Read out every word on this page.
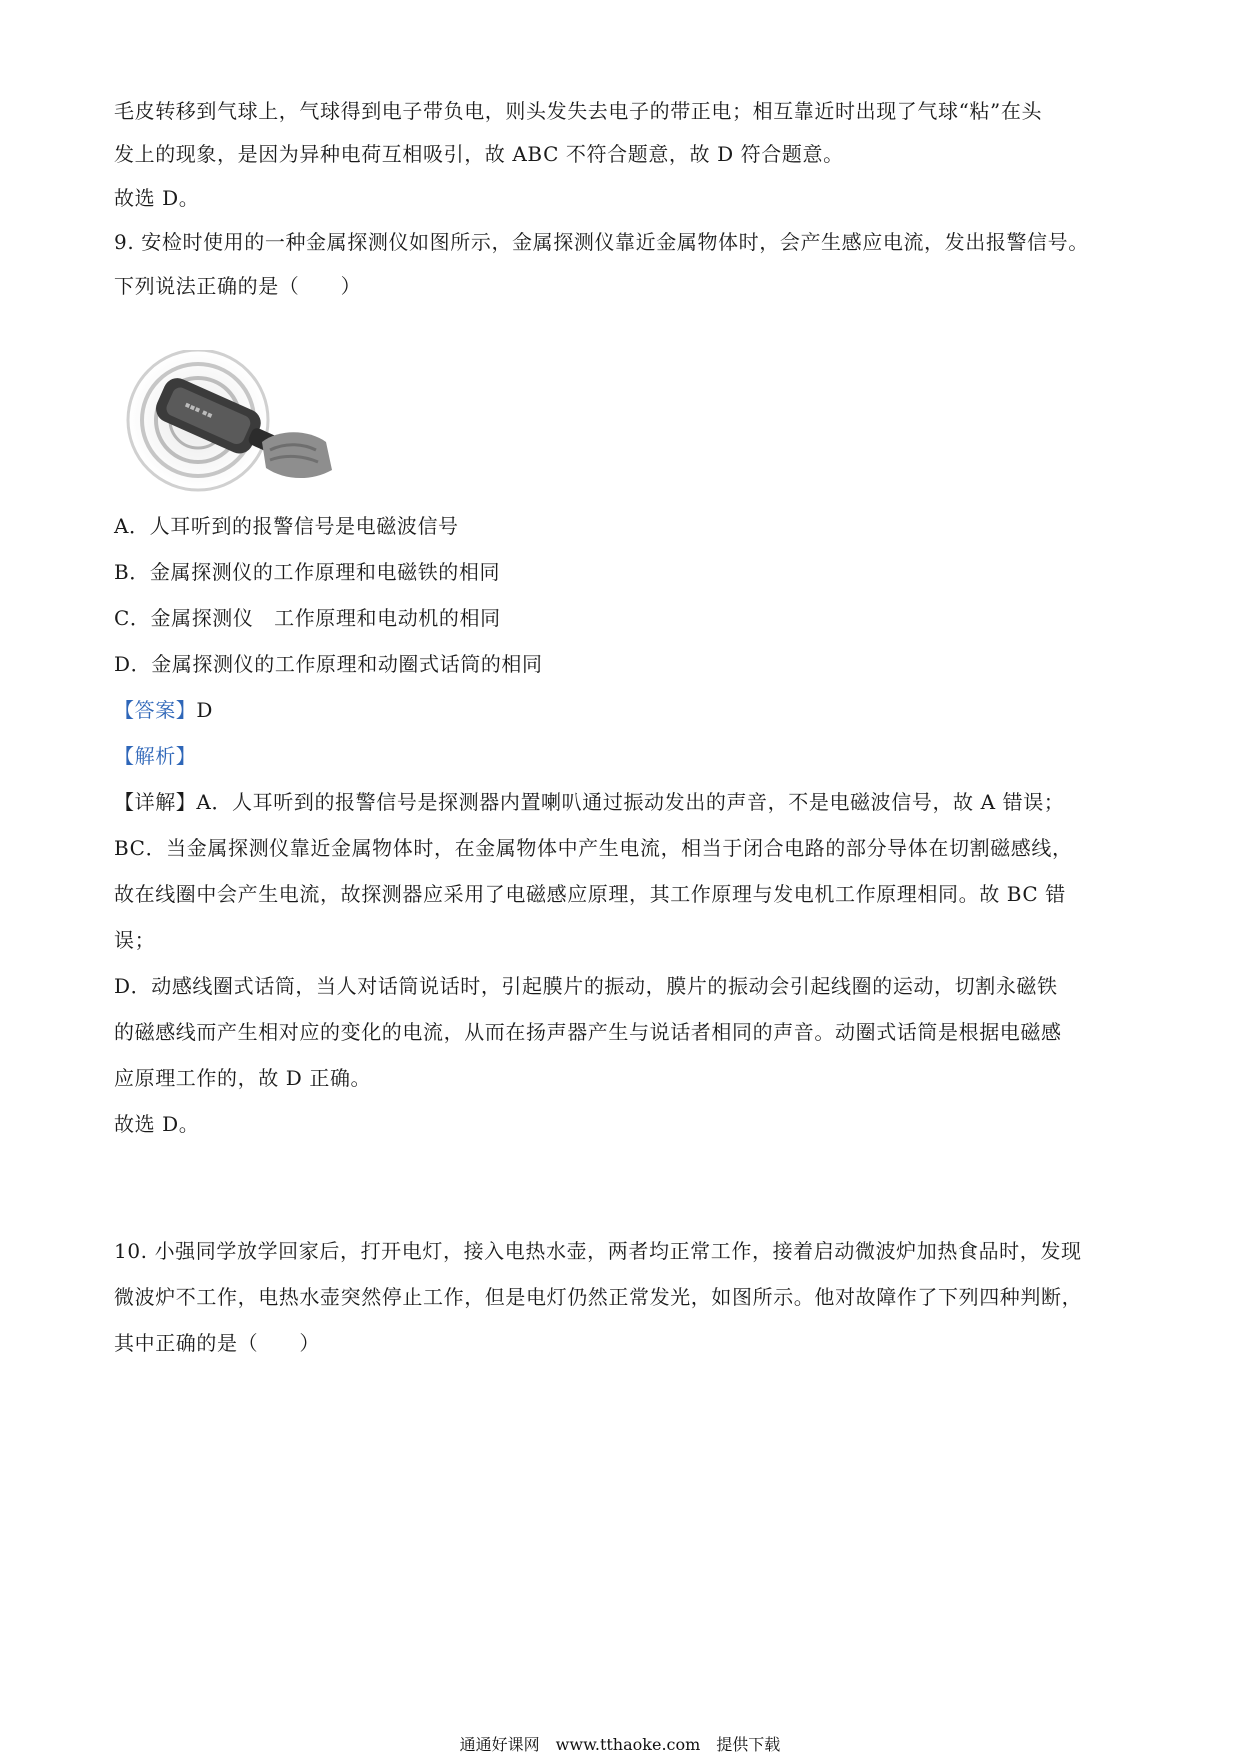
毛皮转移到气球上，气球得到电子带负电，则头发失去电子的带正电；相互靠近时出现了气球“粘”在头
发上的现象，是因为异种电荷互相吸引，故 ABC 不符合题意，故 D 符合题意。
故选 D。
9. 安检时使用的一种金属探测仪如图所示，金属探测仪靠近金属物体时，会产生感应电流，发出报警信号。
下列说法正确的是（　　）
▪▪▪ ▪▪
A．人耳听到的报警信号是电磁波信号
B．金属探测仪的工作原理和电磁铁的相同
C．金属探测仪　工作原理和电动机的相同
D．金属探测仪的工作原理和动圈式话筒的相同
【答案】D
【解析】
【详解】A．人耳听到的报警信号是探测器内置喇叭通过振动发出的声音，不是电磁波信号，故 A 错误；
BC．当金属探测仪靠近金属物体时，在金属物体中产生电流，相当于闭合电路的部分导体在切割磁感线，
故在线圈中会产生电流，故探测器应采用了电磁感应原理，其工作原理与发电机工作原理相同。故 BC 错
误；
D．动感线圈式话筒，当人对话筒说话时，引起膜片的振动，膜片的振动会引起线圈的运动，切割永磁铁
的磁感线而产生相对应的变化的电流，从而在扬声器产生与说话者相同的声音。动圈式话筒是根据电磁感
应原理工作的，故 D 正确。
故选 D。
10. 小强同学放学回家后，打开电灯，接入电热水壶，两者均正常工作，接着启动微波炉加热食品时，发现
微波炉不工作，电热水壶突然停止工作，但是电灯仍然正常发光，如图所示。他对故障作了下列四种判断，
其中正确的是（　　）
通通好课网　www.tthaoke.com　提供下载
